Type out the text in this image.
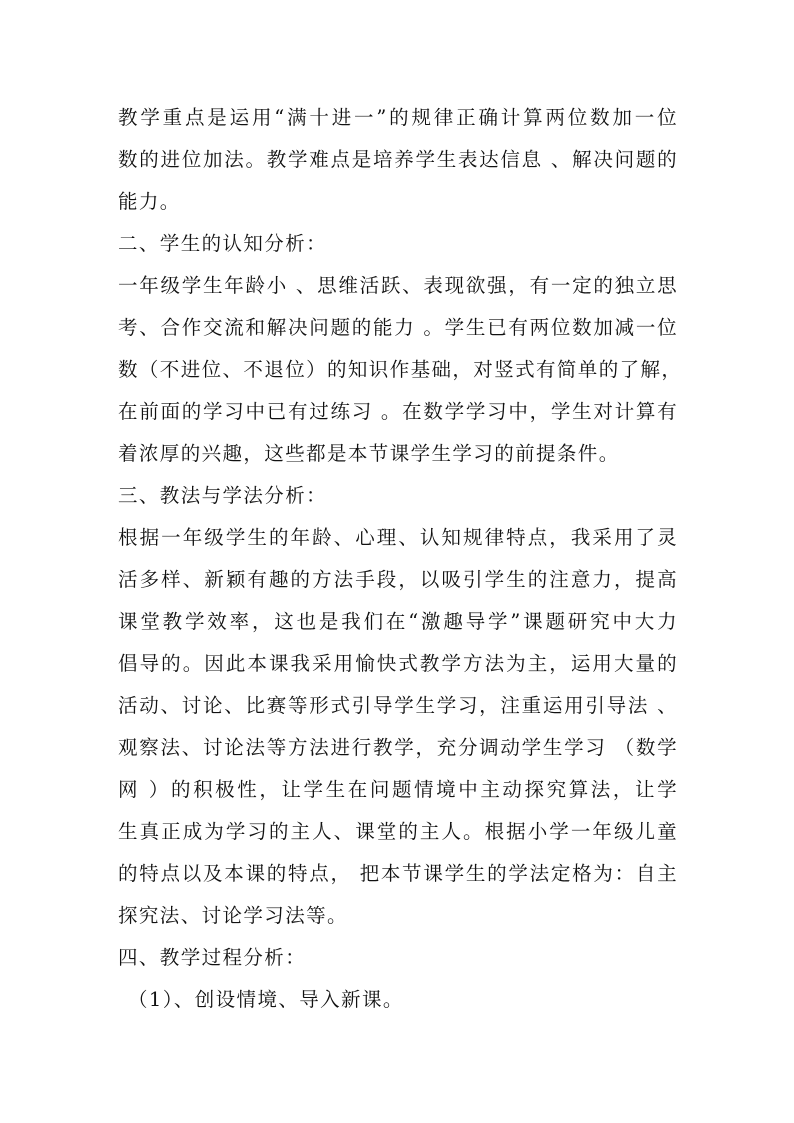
教学重点是运用“满十进一”的规律正确计算两位数加一位
数的进位加法。教学难点是培养学生表达信息 、解决问题的
能力。
二、学生的认知分析：
一年级学生年龄小 、思维活跃、表现欲强，有一定的独立思
考、合作交流和解决问题的能力 。学生已有两位数加减一位
数（不进位、不退位）的知识作基础，对竖式有简单的了解，
在前面的学习中已有过练习 。在数学学习中，学生对计算有
着浓厚的兴趣，这些都是本节课学生学习的前提条件。
三、教法与学法分析：
根据一年级学生的年龄、心理、认知规律特点，我采用了灵
活多样、新颖有趣的方法手段，以吸引学生的注意力，提高
课堂教学效率，这也是我们在“激趣导学”课题研究中大力
倡导的。因此本课我采用愉快式教学方法为主，运用大量的
活动、讨论、比赛等形式引导学生学习，注重运用引导法 、
观察法、讨论法等方法进行教学，充分调动学生学习 （数学
网 ）的积极性，让学生在问题情境中主动探究算法，让学
生真正成为学习的主人、课堂的主人。根据小学一年级儿童
的特点以及本课的特点， 把本节课学生的学法定格为：自主
探究法、讨论学习法等。
四、教学过程分析：
（1）、创设情境、导入新课。
